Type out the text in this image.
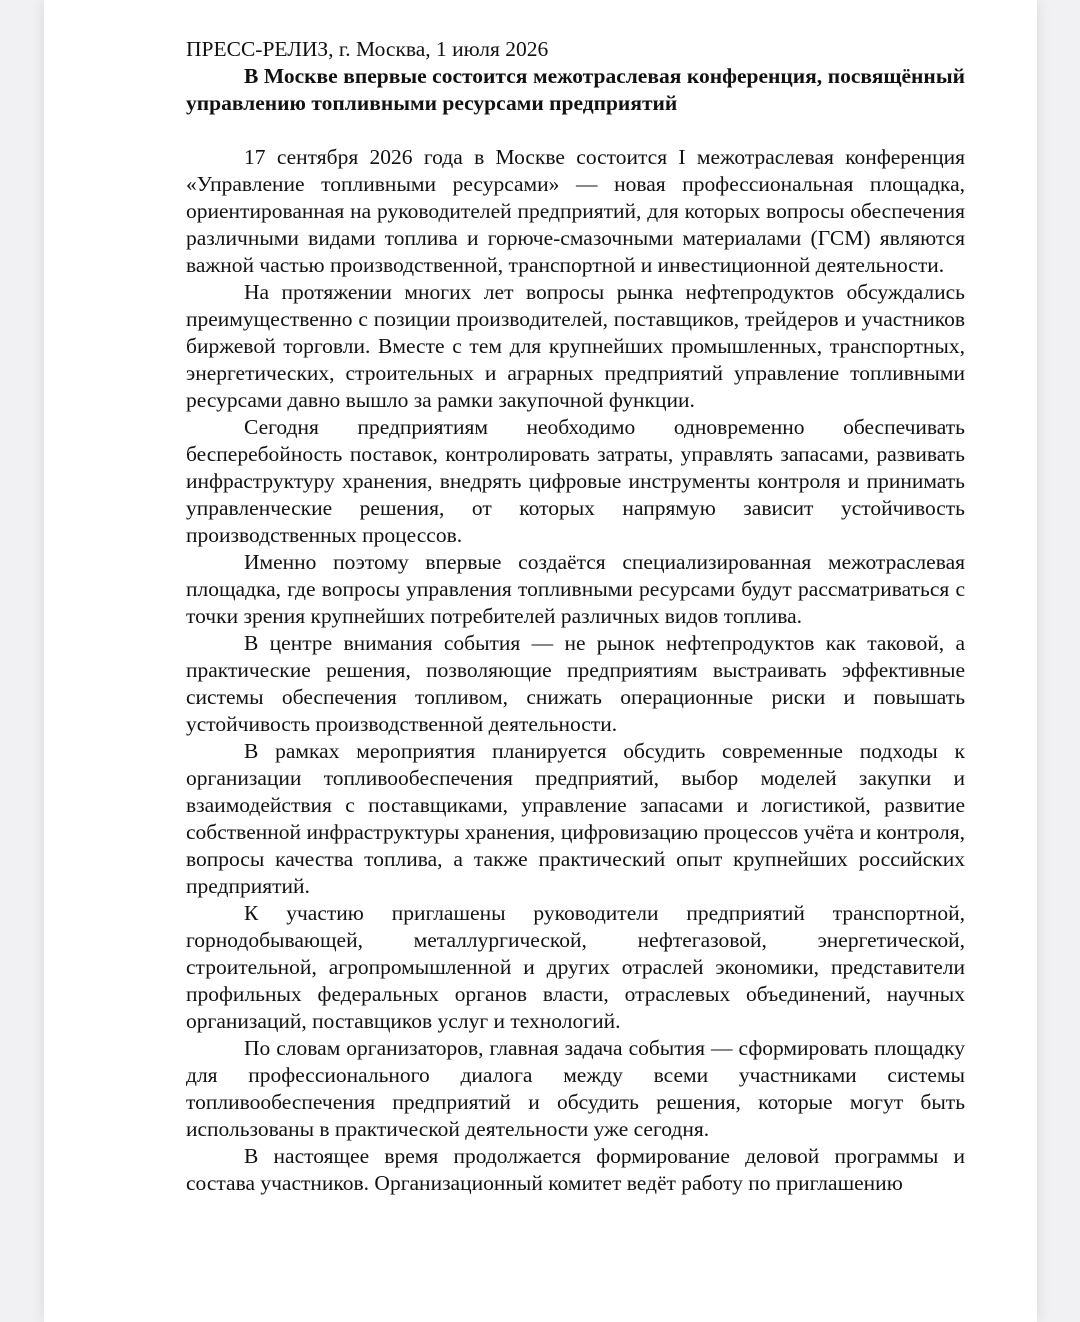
ПРЕСС-РЕЛИЗ, г. Москва, 1 июля 2026

В Москве впервые состоится межотраслевая конференция, посвящённый управлению топливными ресурсами предприятий

17 сентября 2026 года в Москве состоится I межотраслевая конференция «Управление топливными ресурсами» — новая профессиональная площадка, ориентированная на руководителей предприятий, для которых вопросы обеспечения различными видами топлива и горюче-смазочными материалами (ГСМ) являются важной частью производственной, транспортной и инвестиционной деятельности.

На протяжении многих лет вопросы рынка нефтепродуктов обсуждались преимущественно с позиции производителей, поставщиков, трейдеров и участников биржевой торговли. Вместе с тем для крупнейших промышленных, транспортных, энергетических, строительных и аграрных предприятий управление топливными ресурсами давно вышло за рамки закупочной функции.

Сегодня предприятиям необходимо одновременно обеспечивать бесперебойность поставок, контролировать затраты, управлять запасами, развивать инфраструктуру хранения, внедрять цифровые инструменты контроля и принимать управленческие решения, от которых напрямую зависит устойчивость производственных процессов.

Именно поэтому впервые создаётся специализированная межотраслевая площадка, где вопросы управления топливными ресурсами будут рассматриваться с точки зрения крупнейших потребителей различных видов топлива.

В центре внимания события — не рынок нефтепродуктов как таковой, а практические решения, позволяющие предприятиям выстраивать эффективные системы обеспечения топливом, снижать операционные риски и повышать устойчивость производственной деятельности.

В рамках мероприятия планируется обсудить современные подходы к организации топливообеспечения предприятий, выбор моделей закупки и взаимодействия с поставщиками, управление запасами и логистикой, развитие собственной инфраструктуры хранения, цифровизацию процессов учёта и контроля, вопросы качества топлива, а также практический опыт крупнейших российских предприятий.

К участию приглашены руководители предприятий транспортной, горнодобывающей, металлургической, нефтегазовой, энергетической, строительной, агропромышленной и других отраслей экономики, представители профильных федеральных органов власти, отраслевых объединений, научных организаций, поставщиков услуг и технологий.

По словам организаторов, главная задача события — сформировать площадку для профессионального диалога между всеми участниками системы топливообеспечения предприятий и обсудить решения, которые могут быть использованы в практической деятельности уже сегодня.

В настоящее время продолжается формирование деловой программы и состава участников. Организационный комитет ведёт работу по приглашению
